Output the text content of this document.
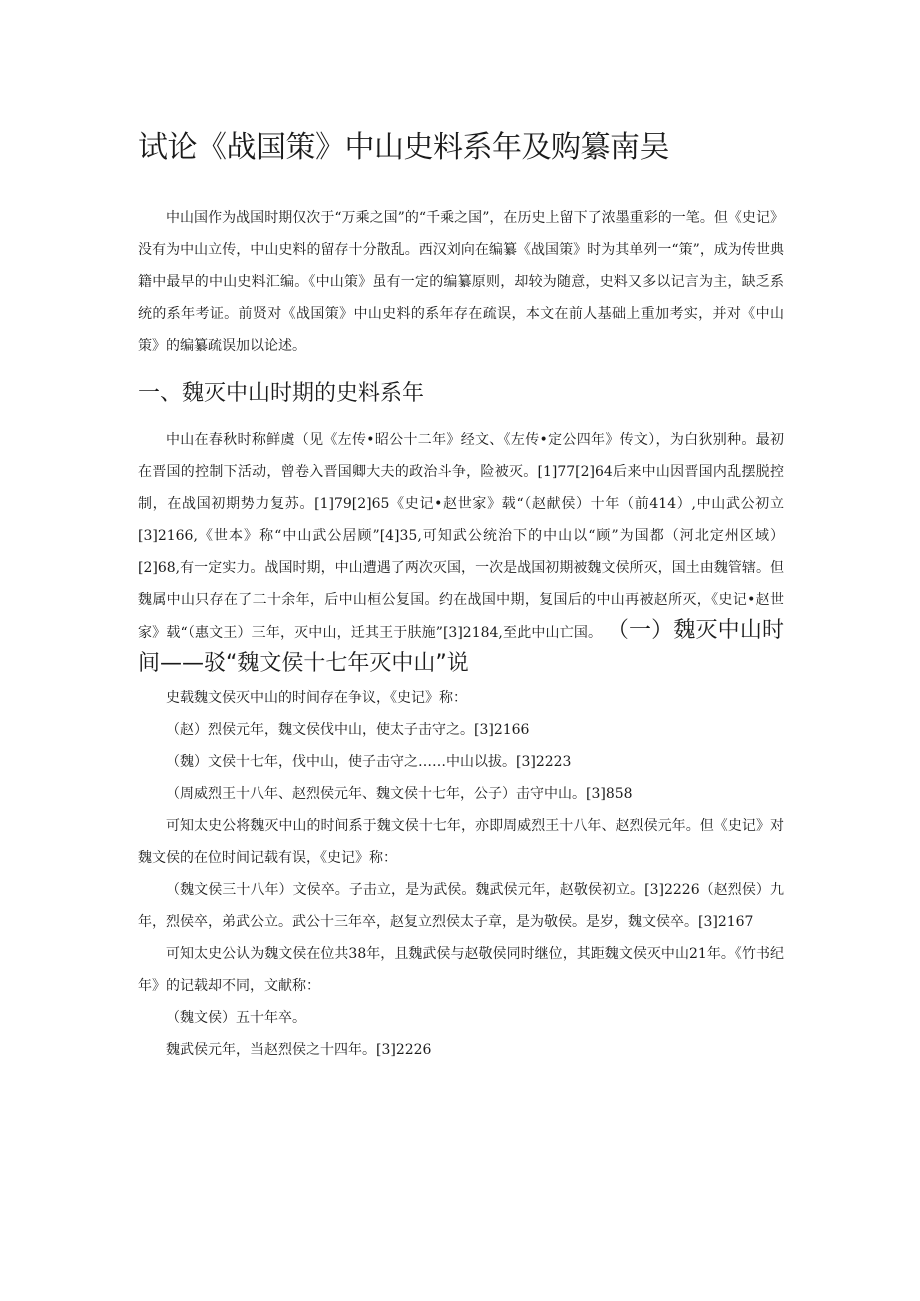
试论《战国策》中山史料系年及购纂南吴

中山国作为战国时期仅次于“万乘之国”的“千乘之国”，在历史上留下了浓墨重彩的一笔。但《史记》没有为中山立传，中山史料的留存十分散乱。西汉刘向在编纂《战国策》时为其单列一“策”，成为传世典籍中最早的中山史料汇编。《中山策》虽有一定的编纂原则，却较为随意，史料又多以记言为主，缺乏系统的系年考证。前贤对《战国策》中山史料的系年存在疏误，本文在前人基础上重加考实，并对《中山策》的编纂疏误加以论述。

一、魏灭中山时期的史料系年

中山在春秋时称鲜虞（见《左传•昭公十二年》经文、《左传•定公四年》传文），为白狄别种。最初在晋国的控制下活动，曾卷入晋国卿大夫的政治斗争，险被灭。[1]77[2]64后来中山因晋国内乱摆脱控制，在战国初期势力复苏。[1]79[2]65《史记•赵世家》载“（赵献侯）十年（前414）,中山武公初立[3]2166,《世本》称“中山武公居顾”[4]35,可知武公统治下的中山以“顾”为国都（河北定州区域）[2]68,有一定实力。战国时期，中山遭遇了两次灭国，一次是战国初期被魏文侯所灭，国土由魏管辖。但魏属中山只存在了二十余年，后中山桓公复国。约在战国中期，复国后的中山再被赵所灭，《史记•赵世家》载“（惠文王）三年，灭中山，迁其王于肤施”[3]2184,至此中山亡国。 （一）魏灭中山时间——驳“魏文侯十七年灭中山”说

史载魏文侯灭中山的时间存在争议，《史记》称：

（赵）烈侯元年，魏文侯伐中山，使太子击守之。[3]2166

（魏）文侯十七年，伐中山，使子击守之……中山以拔。[3]2223

（周威烈王十八年、赵烈侯元年、魏文侯十七年，公子）击守中山。[3]858

可知太史公将魏灭中山的时间系于魏文侯十七年，亦即周威烈王十八年、赵烈侯元年。但《史记》对魏文侯的在位时间记载有误，《史记》称：

（魏文侯三十八年）文侯卒。子击立，是为武侯。魏武侯元年，赵敬侯初立。[3]2226（赵烈侯）九年，烈侯卒，弟武公立。武公十三年卒，赵复立烈侯太子章，是为敬侯。是岁，魏文侯卒。[3]2167

可知太史公认为魏文侯在位共38年，且魏武侯与赵敬侯同时继位，其距魏文侯灭中山21年。《竹书纪年》的记载却不同，文献称：

（魏文侯）五十年卒。

魏武侯元年，当赵烈侯之十四年。[3]2226
